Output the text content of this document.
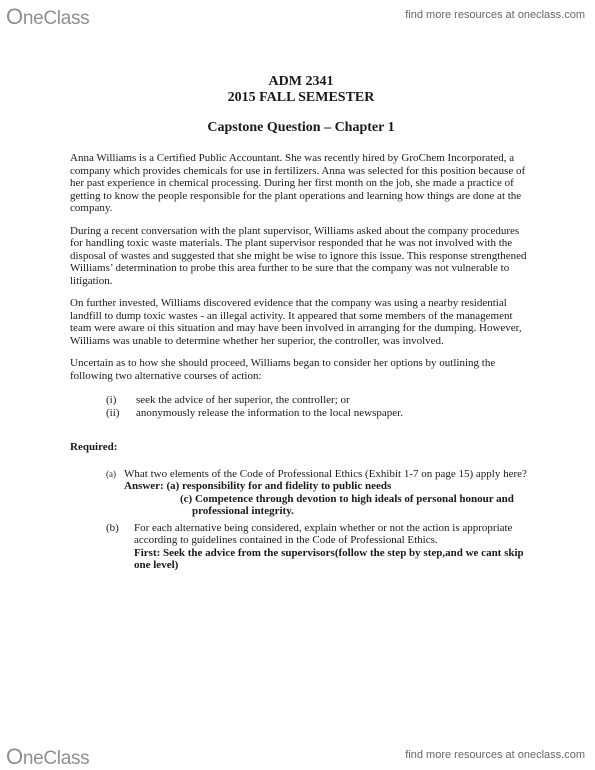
OneClass	find more resources at oneclass.com
ADM 2341
2015 FALL SEMESTER
Capstone Question – Chapter 1

Anna Williams is a Certified Public Accountant. She was recently hired by GroChem Incorporated, a company which provides chemicals for use in fertilizers. Anna was selected for this position because of her past experience in chemical processing. During her first month on the job, she made a practice of getting to know the people responsible for the plant operations and learning how things are done at the company.

During a recent conversation with the plant supervisor, Williams asked about the company procedures for handling toxic waste materials. The plant supervisor responded that he was not involved with the disposal of wastes and suggested that she might be wise to ignore this issue. This response strengthened Williams’ determination to probe this area further to be sure that the company was not vulnerable to litigation.

On further invested, Williams discovered evidence that the company was using a nearby residential landfill to dump toxic wastes - an illegal activity. It appeared that some members of the management team were aware oi this situation and may have been involved in arranging for the dumping. However, Williams was unable to determine whether her superior, the controller, was involved.

Uncertain as to how she should proceed, Williams began to consider her options by outlining the following two alternative courses of action:

(i)	seek the advice of her superior, the controller; or
(ii)	anonymously release the information to the local newspaper.
Required:
(a) What two elements of the Code of Professional Ethics (Exhibit 1-7 on page 15) apply here?
Answer: (a) responsibility for and fidelity to public needs
(c) Competence through devotion to high ideals of personal honour and
professional integrity.
(b)	For each alternative being considered, explain whether or not the action is appropriate according to guidelines contained in the Code of Professional Ethics.
First: Seek the advice from the supervisors(follow the step by step,and we cant skip one level)
OneClass	find more resources at oneclass.com
